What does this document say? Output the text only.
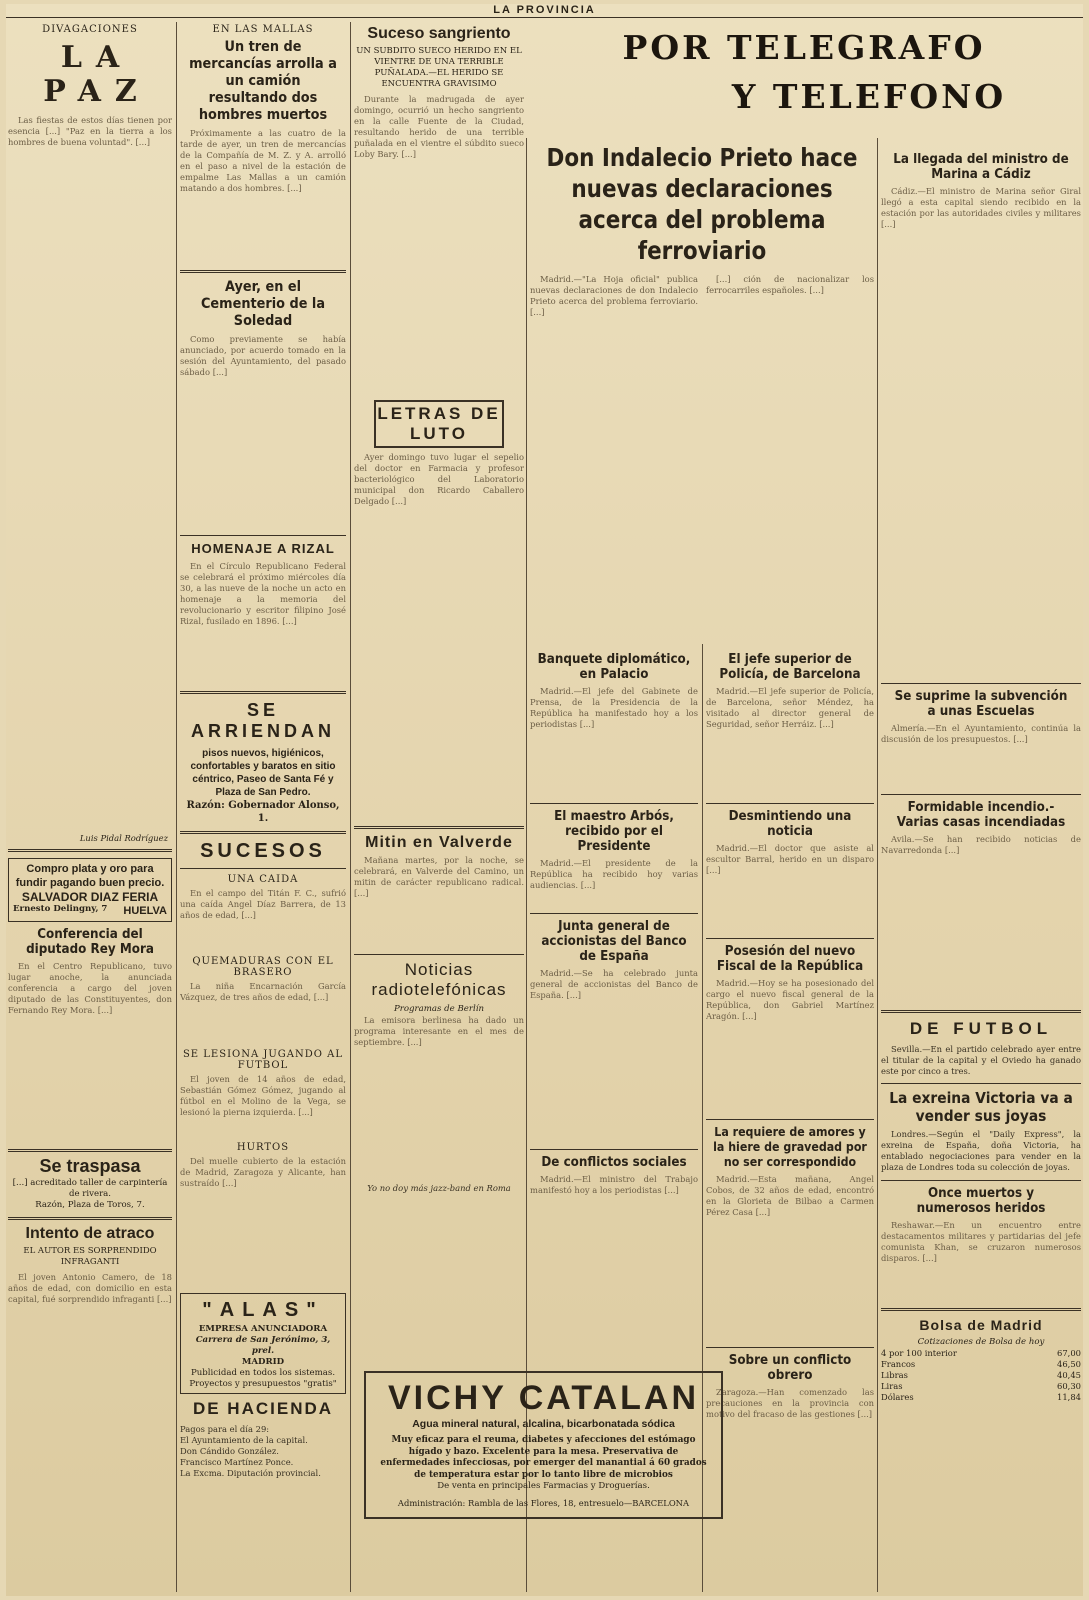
LA PROVINCIA
DIVAGACIONES
LA PAZ
Las fiestas de estos días tienen por esencia [...] "Paz en la tierra a los hombres de buena voluntad". [...]
Luis Pidal Rodríguez
Compro plata y oro para fundir pagando buen precio.
SALVADOR DIAZ FERIA
Ernesto Delingny, 7 HUELVA
Conferencia del diputado Rey Mora
En el Centro Republicano, tuvo lugar anoche, la anunciada conferencia a cargo del joven diputado de las Constituyentes, don Fernando Rey Mora. [...]
Se traspasa
[...] acreditado taller de carpintería de rivera.
Razón, Plaza de Toros, 7.
Intento de atraco
EL AUTOR ES SORPRENDIDO INFRAGANTI
El joven Antonio Camero, de 18 años de edad, con domicilio en esta capital, fué sorprendido infraganti [...]
EN LAS MALLAS
Un tren de mercancías arrolla a un camión resultando dos hombres muertos
Próximamente a las cuatro de la tarde de ayer, un tren de mercancías de la Compañía de M. Z. y A. arrolló en el paso a nivel de la estación de empalme Las Mallas a un camión matando a dos hombres. [...]
Ayer, en el Cementerio de la Soledad
Como previamente se había anunciado, por acuerdo tomado en la sesión del Ayuntamiento, del pasado sábado [...]
HOMENAJE A RIZAL
En el Círculo Republicano Federal se celebrará el próximo miércoles día 30, a las nueve de la noche un acto en homenaje a la memoria del revolucionario y escritor filipino José Rizal, fusilado en 1896. [...]
SE ARRIENDAN
pisos nuevos, higiénicos, confortables y baratos en sitio céntrico, Paseo de Santa Fé y Plaza de San Pedro.
Razón: Gobernador Alonso, 1.
SUCESOS
UNA CAIDA
En el campo del Titán F. C., sufrió una caída Angel Díaz Barrera, de 13 años de edad, [...]
QUEMADURAS CON EL BRASERO
La niña Encarnación García Vázquez, de tres años de edad, [...]
SE LESIONA JUGANDO AL FUTBOL
El joven de 14 años de edad, Sebastián Gómez Gómez, jugando al fútbol en el Molino de la Vega, se lesionó la pierna izquierda. [...]
HURTOS
Del muelle cubierto de la estación de Madrid, Zaragoza y Alicante, han sustraído [...]
"ALAS"
EMPRESA ANUNCIADORA
Carrera de San Jerónimo, 3, prel.
MADRID
Publicidad en todos los sistemas.
Proyectos y presupuestos "gratis"
DE HACIENDA
Pagos para el día 29:
El Ayuntamiento de la capital.
Don Cándido González.
Francisco Martínez Ponce.
La Excma. Diputación provincial.
Suceso sangriento
UN SUBDITO SUECO HERIDO EN EL VIENTRE DE UNA TERRIBLE PUÑALADA.—EL HERIDO SE ENCUENTRA GRAVISIMO
Durante la madrugada de ayer domingo, ocurrió un hecho sangriento en la calle Fuente de la Ciudad, resultando herido de una terrible puñalada en el vientre el súbdito sueco Loby Bary. [...]
LETRAS DE LUTO
Ayer domingo tuvo lugar el sepelio del doctor en Farmacia y profesor bacteriológico del Laboratorio municipal don Ricardo Caballero Delgado [...]
Mitin en Valverde
Mañana martes, por la noche, se celebrará, en Valverde del Camino, un mitin de carácter republicano radical. [...]
Noticias radiotelefónicas
Programas de Berlín
La emisora berlinesa ha dado un programa interesante en el mes de septiembre. [...]
Yo no doy más jazz-band en Roma
POR TELEGRAFO
Y TELEFONO
Don Indalecio Prieto hace nuevas declaraciones acerca del problema ferroviario
Madrid.—"La Hoja oficial" publica nuevas declaraciones de don Indalecio Prieto acerca del problema ferroviario. [...]
[...] ción de nacionalizar los ferrocarriles españoles. [...]
Banquete diplomático, en Palacio
Madrid.—El jefe del Gabinete de Prensa, de la Presidencia de la República ha manifestado hoy a los periodistas [...]
El maestro Arbós, recibido por el Presidente
Madrid.—El presidente de la República ha recibido hoy varias audiencias. [...]
Junta general de accionistas del Banco de España
Madrid.—Se ha celebrado junta general de accionistas del Banco de España. [...]
De conflictos sociales
Madrid.—El ministro del Trabajo manifestó hoy a los periodistas [...]
El jefe superior de Policía, de Barcelona
Madrid.—El jefe superior de Policía, de Barcelona, señor Méndez, ha visitado al director general de Seguridad, señor Herráiz. [...]
Desmintiendo una noticia
Madrid.—El doctor que asiste al escultor Barral, herido en un disparo [...]
Posesión del nuevo Fiscal de la República
Madrid.—Hoy se ha posesionado del cargo el nuevo fiscal general de la República, don Gabriel Martínez Aragón. [...]
La requiere de amores y la hiere de gravedad por no ser correspondido
Madrid.—Esta mañana, Angel Cobos, de 32 años de edad, encontró en la Glorieta de Bilbao a Carmen Pérez Casa [...]
Sobre un conflicto obrero
Zaragoza.—Han comenzado las precauciones en la provincia con motivo del fracaso de las gestiones [...]
La llegada del ministro de Marina a Cádiz
Cádiz.—El ministro de Marina señor Giral llegó a esta capital siendo recibido en la estación por las autoridades civiles y militares [...]
Se suprime la subvención a unas Escuelas
Almería.—En el Ayuntamiento, continúa la discusión de los presupuestos. [...]
Formidable incendio.-Varias casas incendiadas
Avila.—Se han recibido noticias de Navarredonda [...]
DE FUTBOL
Sevilla.—En el partido celebrado ayer entre el titular de la capital y el Oviedo ha ganado este por cinco a tres.
La exreina Victoria va a vender sus joyas
Londres.—Según el "Daily Express", la exreina de España, doña Victoria, ha entablado negociaciones para vender en la plaza de Londres toda su colección de joyas.
Once muertos y numerosos heridos
Reshawar.—En un encuentro entre destacamentos militares y partidarias del jefe comunista Khan, se cruzaron numerosos disparos. [...]
Bolsa de Madrid
Cotizaciones de Bolsa de hoy
4 por 100 interior	67,00
Francos	46,50
Libras	40,45
Liras	60,30
Dólares	11,84
VICHY CATALAN
Agua mineral natural, alcalina, bicarbonatada sódica
Muy eficaz para el reuma, diabetes y afecciones del estómago hígado y bazo. Excelente para la mesa. Preservativa de enfermedades infecciosas, por emerger del manantial á 60 grados de temperatura estar por lo tanto libre de microbios
De venta en principales Farmacias y Droguerías.
Administración: Rambla de las Flores, 18, entresuelo—BARCELONA
